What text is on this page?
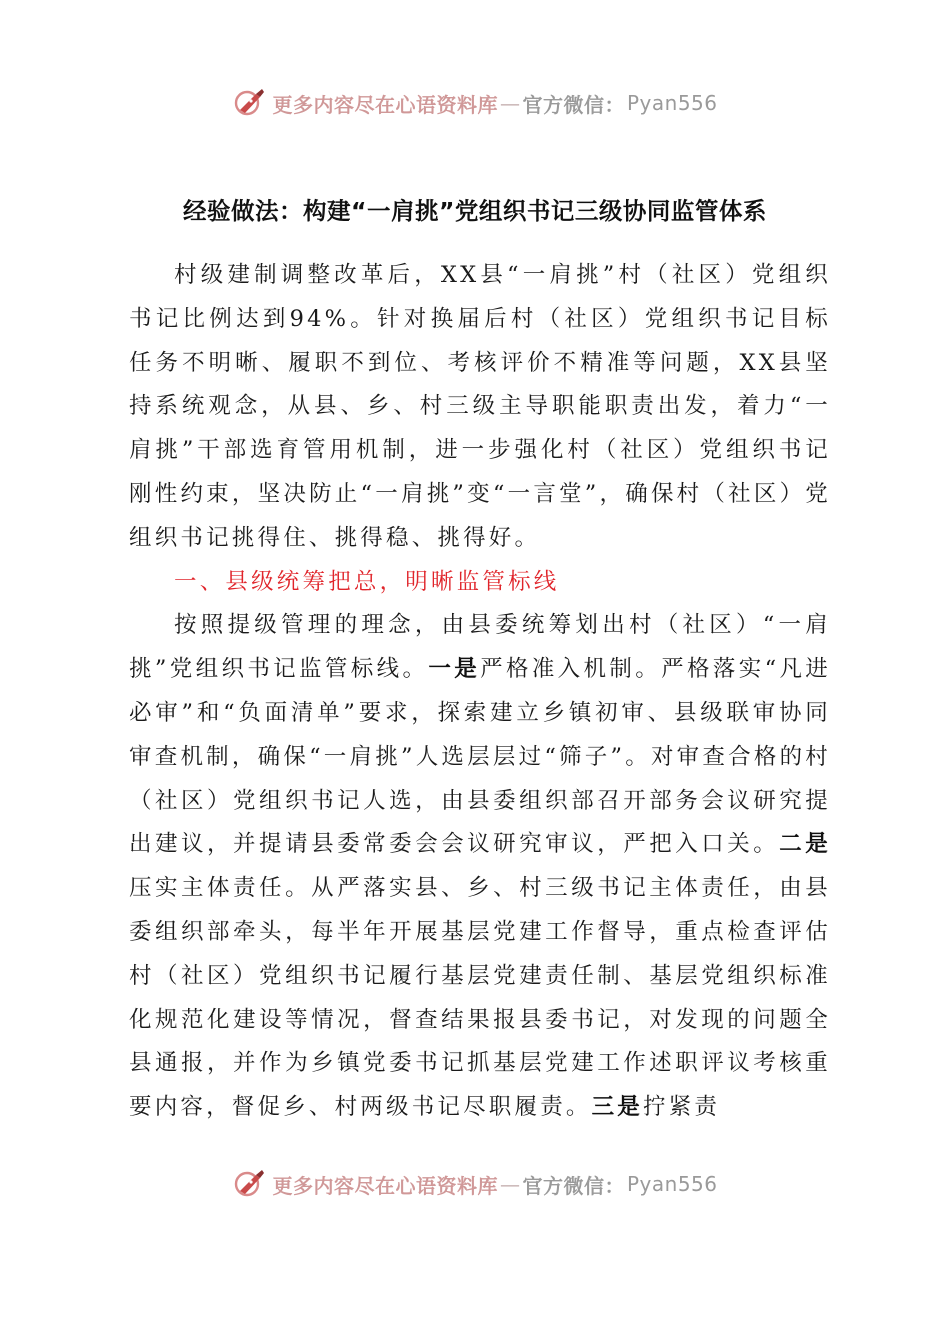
更多内容尽在心语资料库 — 官方微信： Pyan556
经验做法：构建“一肩挑”党组织书记三级协同监管体系

村级建制调整改革后，XX县“一肩挑”村（社区）党组织书记比例达到94%。针对换届后村（社区）党组织书记目标任务不明晰、履职不到位、考核评价不精准等问题，XX县坚持系统观念，从县、乡、村三级主导职能职责出发，着力“一肩挑”干部选育管用机制，进一步强化村（社区）党组织书记刚性约束，坚决防止“一肩挑”变“一言堂”，确保村（社区）党组织书记挑得住、挑得稳、挑得好。

一、县级统筹把总，明晰监管标线

按照提级管理的理念，由县委统筹划出村（社区）“一肩挑”党组织书记监管标线。一是严格准入机制。严格落实“凡进必审”和“负面清单”要求，探索建立乡镇初审、县级联审协同审查机制，确保“一肩挑”人选层层过“筛子”。对审查合格的村（社区）党组织书记人选，由县委组织部召开部务会议研究提出建议，并提请县委常委会会议研究审议，严把入口关。二是压实主体责任。从严落实县、乡、村三级书记主体责任，由县委组织部牵头，每半年开展基层党建工作督导，重点检查评估村（社区）党组织书记履行基层党建责任制、基层党组织标准化规范化建设等情况，督查结果报县委书记，对发现的问题全县通报，并作为乡镇党委书记抓基层党建工作述职评议考核重要内容，督促乡、村两级书记尽职履责。三是拧紧责

更多内容尽在心语资料库 — 官方微信： Pyan556
